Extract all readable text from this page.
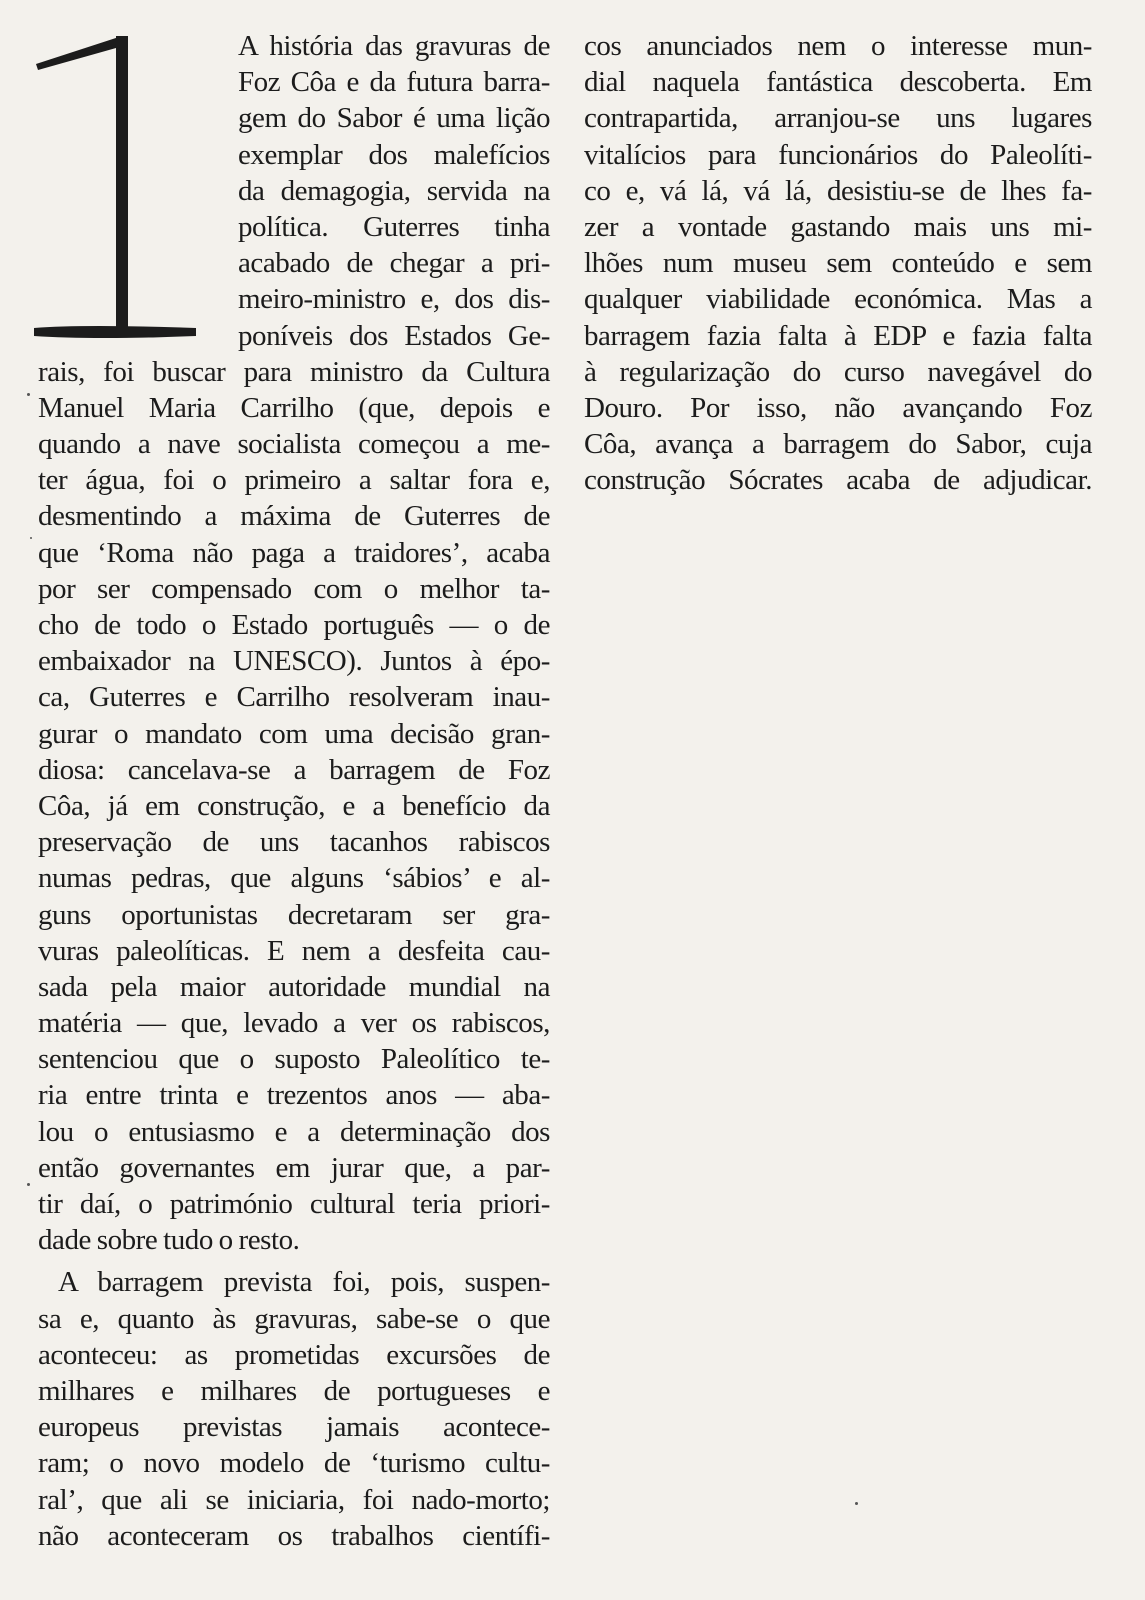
A história das gravuras de
Foz Côa e da futura barra-
gem do Sabor é uma lição
exemplar dos malefícios
da demagogia, servida na
política. Guterres tinha
acabado de chegar a pri-
meiro-ministro e, dos dis-
poníveis dos Estados Ge-
rais, foi buscar para ministro da Cultura
Manuel Maria Carrilho (que, depois e
quando a nave socialista começou a me-
ter água, foi o primeiro a saltar fora e,
desmentindo a máxima de Guterres de
que ‘Roma não paga a traidores’, acaba
por ser compensado com o melhor ta-
cho de todo o Estado português — o de
embaixador na UNESCO). Juntos à épo-
ca, Guterres e Carrilho resolveram inau-
gurar o mandato com uma decisão gran-
diosa: cancelava-se a barragem de Foz
Côa, já em construção, e a benefício da
preservação de uns tacanhos rabiscos
numas pedras, que alguns ‘sábios’ e al-
guns oportunistas decretaram ser gra-
vuras paleolíticas. E nem a desfeita cau-
sada pela maior autoridade mundial na
matéria — que, levado a ver os rabiscos,
sentenciou que o suposto Paleolítico te-
ria entre trinta e trezentos anos — aba-
lou o entusiasmo e a determinação dos
então governantes em jurar que, a par-
tir daí, o património cultural teria priori-
dade sobre tudo o resto.
A barragem prevista foi, pois, suspen-
sa e, quanto às gravuras, sabe-se o que
aconteceu: as prometidas excursões de
milhares e milhares de portugueses e
europeus previstas jamais acontece-
ram; o novo modelo de ‘turismo cultu-
ral’, que ali se iniciaria, foi nado-morto;
não aconteceram os trabalhos científi-
cos anunciados nem o interesse mun-
dial naquela fantástica descoberta. Em
contrapartida, arranjou-se uns lugares
vitalícios para funcionários do Paleolíti-
co e, vá lá, vá lá, desistiu-se de lhes fa-
zer a vontade gastando mais uns mi-
lhões num museu sem conteúdo e sem
qualquer viabilidade económica. Mas a
barragem fazia falta à EDP e fazia falta
à regularização do curso navegável do
Douro. Por isso, não avançando Foz
Côa, avança a barragem do Sabor, cuja
construção Sócrates acaba de adjudicar.
